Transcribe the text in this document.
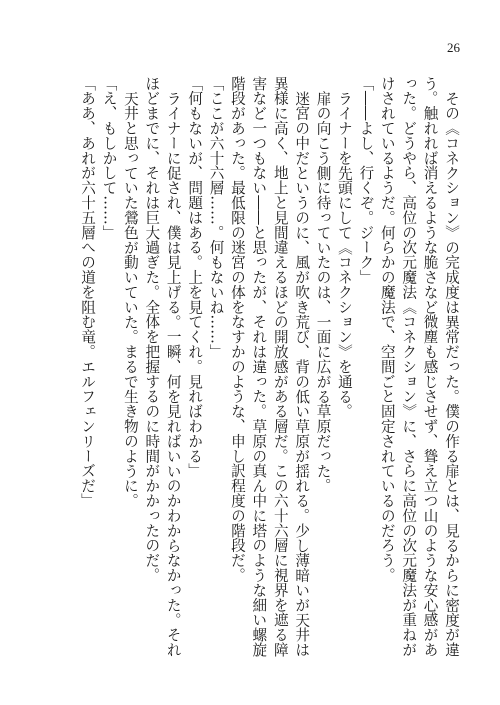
26

その《コネクション》の完成度は異常だった。僕の作る扉とは、見るからに密度が違う。触れれば消えるような脆さなど微塵も感じさせず、聳え立つ山のような安心感があった。どうやら、高位の次元魔法《コネクション》に、さらに高位の次元魔法が重ねがけされているようだ。何らかの魔法で、空間ごと固定されているのだろう。

「――よし、行くぞ。ジーク」

ライナーを先頭にして《コネクション》を通る。

扉の向こう側に待っていたのは、一面に広がる草原だった。

迷宮の中だというのに、風が吹き荒び、背の低い草原が揺れる。少し薄暗いが天井は異様に高く、地上と見間違えるほどの開放感がある層だ。この六十六層に視界を遮る障害など一つもない――と思ったが、それは違った。草原の真ん中に塔のような細い螺旋階段があった。最低限の迷宮の体をなすかのような、申し訳程度の階段だ。

「ここが六十六層……。何もないね……」

「何もないが、問題はある。上を見てくれ。見ればわかる」

ライナーに促され、僕は見上げる。一瞬、何を見ればいいのかわからなかった。それほどまでに、それは巨大過ぎた。全体を把握するのに時間がかかったのだ。

天井と思っていた鶯色が動いていた。まるで生き物のように。

「え、もしかして……」

「ああ、あれが六十五層への道を阻む竜。エルフェンリーズだ」
